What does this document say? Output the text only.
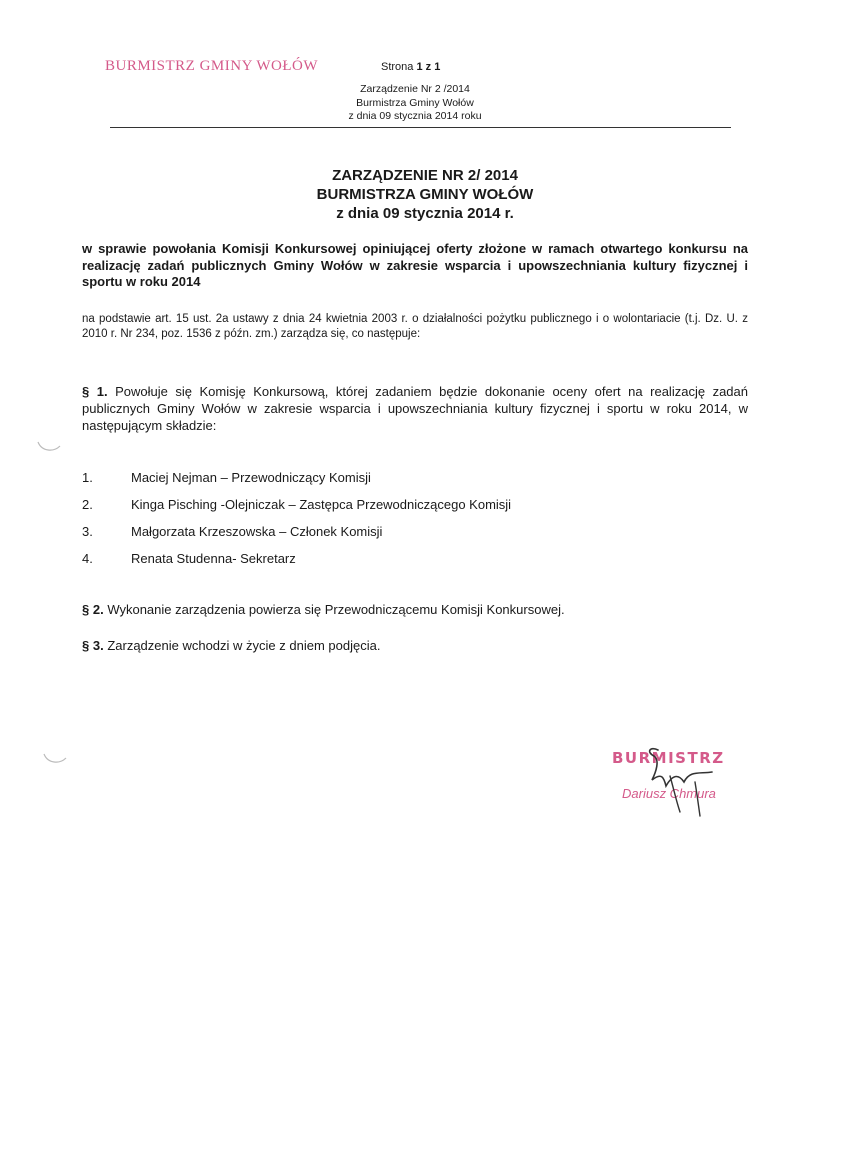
BURMISTRZ GMINY WOŁÓW	Strona 1 z 1
Zarządzenie Nr 2 /2014
Burmistrza Gminy Wołów
z dnia 09 stycznia 2014 roku
ZARZĄDZENIE NR 2/ 2014
BURMISTRZA GMINY WOŁÓW
z dnia 09 stycznia 2014 r.
w sprawie powołania Komisji Konkursowej opiniującej oferty złożone w ramach otwartego konkursu na realizację zadań publicznych Gminy Wołów w zakresie wsparcia i upowszechniania kultury fizycznej i sportu w roku 2014
na podstawie art. 15 ust. 2a ustawy z dnia 24 kwietnia 2003 r. o działalności pożytku publicznego i o wolontariacie (t.j. Dz. U. z 2010 r. Nr 234, poz. 1536 z późn. zm.) zarządza się, co następuje:
§ 1. Powołuje się Komisję Konkursową, której zadaniem będzie dokonanie oceny ofert na realizację zadań publicznych Gminy Wołów w zakresie wsparcia i upowszechniania kultury fizycznej i sportu w roku 2014, w następującym składzie:
1.	Maciej Nejman – Przewodniczący Komisji
2.	Kinga Pisching -Olejniczak – Zastępca Przewodniczącego Komisji
3.	Małgorzata Krzeszowska – Członek Komisji
4.	Renata Studenna- Sekretarz
§ 2. Wykonanie zarządzenia powierza się Przewodniczącemu Komisji Konkursowej.
§ 3. Zarządzenie wchodzi w życie z dniem podjęcia.
BURMISTRZ
Dariusz Chmura
